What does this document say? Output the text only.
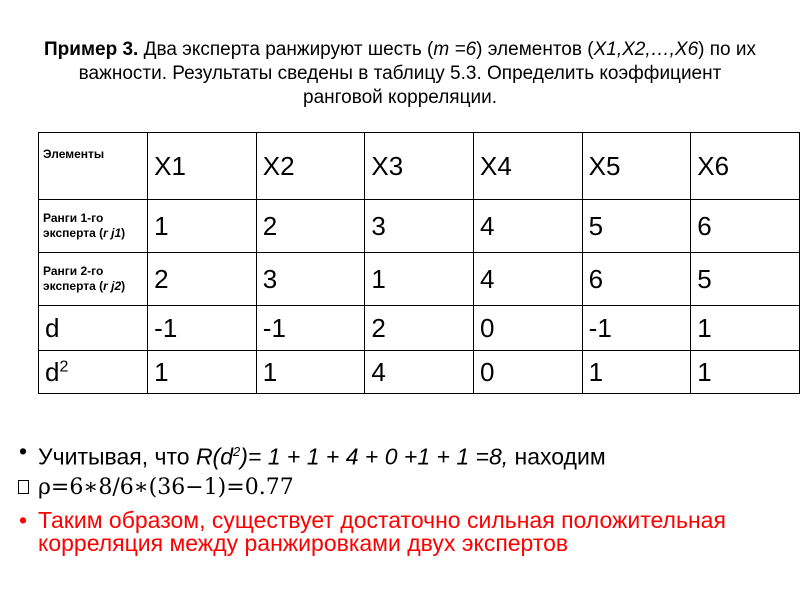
Пример 3. Два эксперта ранжируют шесть (m =6) элементов (X1,X2,…,X6) по их важности. Результаты сведены в таблицу 5.3. Определить коэффициент ранговой корреляции.
Элементы	X1	X2	X3	X4	X5	X6
Ранги 1-го эксперта (r j1)	1	2	3	4	5	6
Ранги 2-го эксперта (r j2)	2	3	1	4	6	5
d	-1	-1	2	0	-1	1
$d^2$	1	1	4	0	1	1
• Учитывая, что $R(d^2)= 1 + 1 + 4 + 0 +1 + 1 =8$, находим
ρ=6∗8/6∗(36−1)=0.77
• Таким образом, существует достаточно сильная положительная корреляция между ранжировками двух экспертов
